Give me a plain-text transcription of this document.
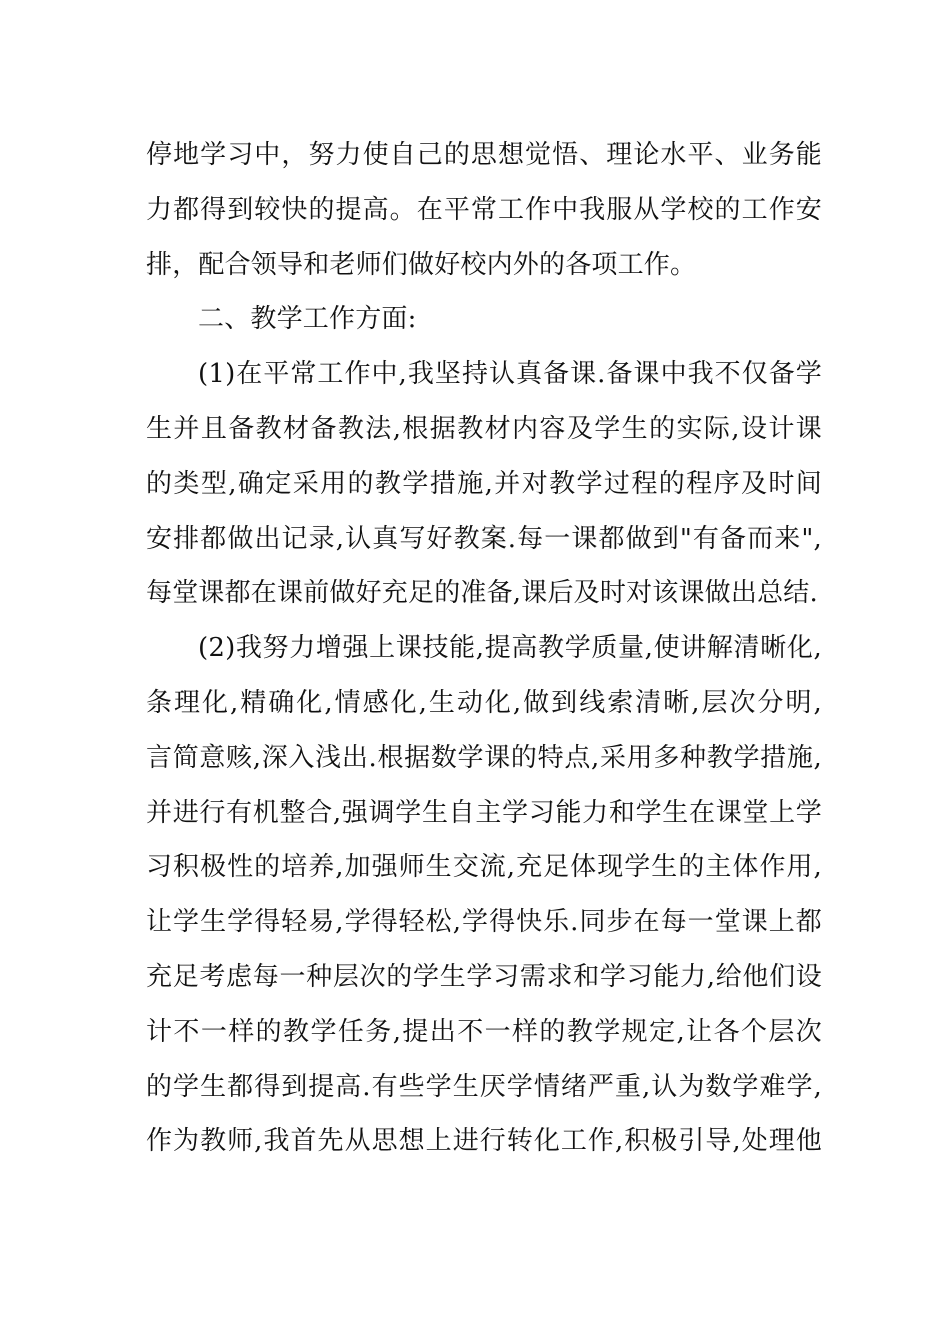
停地学习中，努力使自己的思想觉悟、理论水平、业务能
力都得到较快的提高。在平常工作中我服从学校的工作安
排，配合领导和老师们做好校内外的各项工作。
二、教学工作方面:
(1)在平常工作中,我坚持认真备课.备课中我不仅备学
生并且备教材备教法,根据教材内容及学生的实际,设计课
的类型,确定采用的教学措施,并对教学过程的程序及时间
安排都做出记录,认真写好教案.每一课都做到"有备而来",
每堂课都在课前做好充足的准备,课后及时对该课做出总结.
(2)我努力增强上课技能,提高教学质量,使讲解清晰化,
条理化,精确化,情感化,生动化,做到线索清晰,层次分明,
言简意赅,深入浅出.根据数学课的特点,采用多种教学措施,
并进行有机整合,强调学生自主学习能力和学生在课堂上学
习积极性的培养,加强师生交流,充足体现学生的主体作用,
让学生学得轻易,学得轻松,学得快乐.同步在每一堂课上都
充足考虑每一种层次的学生学习需求和学习能力,给他们设
计不一样的教学任务,提出不一样的教学规定,让各个层次
的学生都得到提高.有些学生厌学情绪严重,认为数学难学,
作为教师,我首先从思想上进行转化工作,积极引导,处理他
